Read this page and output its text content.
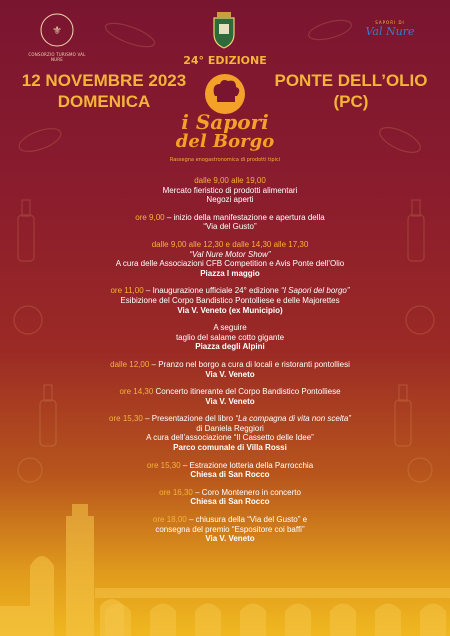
⚜
CONSORZIO TURISMO VAL NURE
SAPORI DI
Val Nure
24° EDIZIONE
12 NOVEMBRE 2023
DOMENICA
PONTE DELL’OLIO
(PC)
i Sapori
del Borgo
Rassegna enogastronomica di prodotti tipici
dalle 9,00 alle 19,00
Mercato fieristico di prodotti alimentari
Negozi aperti
ore 9,00 – inizio della manifestazione e apertura della
“Via del Gusto”
dalle 9,00 alle 12,30 e dalle 14,30 alle 17,30
“Val Nure Motor Show”
A cura delle Associazioni CFB Competition e Avis Ponte dell’Olio
Piazza I maggio
ore 11,00 – Inaugurazione ufficiale 24° edizione “I Sapori del borgo”
Esibizione del Corpo Bandistico Pontolliese e delle Majorettes
Via V. Veneto (ex Municipio)
A seguire
taglio del salame cotto gigante
Piazza degli Alpini
dalle 12,00 – Pranzo nel borgo a cura di locali e ristoranti pontolliesi
Via V. Veneto
ore 14,30 Concerto itinerante del Corpo Bandistico Pontolliese
Via V. Veneto
ore 15,30 – Presentazione del libro “La compagna di vita non scelta”
di Daniela Reggiori
A cura dell’associazione “Il Cassetto delle Idee”
Parco comunale di Villa Rossi
ore 15,30 – Estrazione lotteria della Parrocchia
Chiesa di San Rocco
ore 16,30 – Coro Montenero in concerto
Chiesa di San Rocco
ore 18,00 – chiusura della “Via del Gusto” e
consegna del premio “Espositore coi baffi”
Via V. Veneto
